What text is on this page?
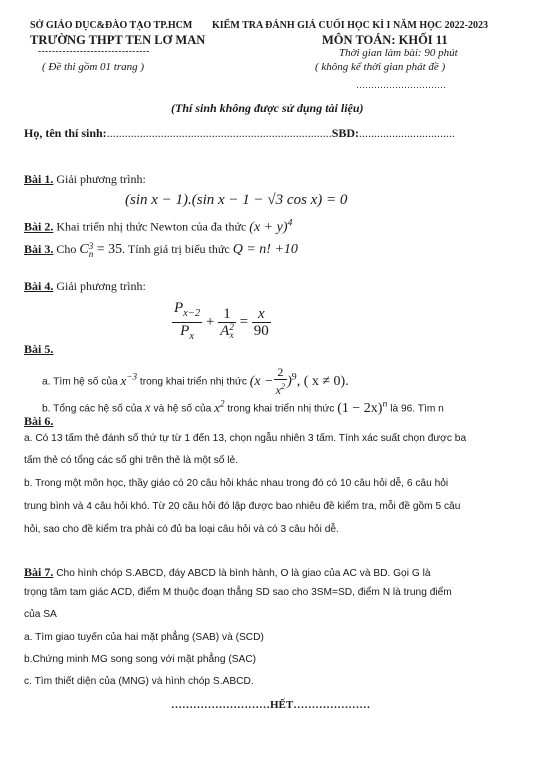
SỞ GIÁO DỤC&ĐÀO TẠO TP.HCM
TRƯỜNG THPT TEN LƠ MAN
--------------------------------
( Đề thi gồm 01 trang )
KIỂM TRA ĐÁNH GIÁ CUỐI HỌC KÌ I NĂM HỌC 2022-2023
MÔN TOÁN: KHỐI 11
Thời gian làm bài: 90 phút
( không kể thời gian phát đề )
…………………………
(Thí sinh không được sử dụng tài liệu)
Họ, tên thí sinh:...........................................................................SBD:................................
Bài 1. Giải phương trình:
(sin x − 1).(sin x − 1 − √3 cos x) = 0
Bài 2. Khai triển nhị thức Newton của đa thức $(x + y)^4$
Bài 3. Cho C 3
n = 35. Tính giá trị biểu thức Q = n! +10
Bài 4. Giải phương trình:
$\frac{P_{x-2}}{P_x} + 1$
A 2
$x = \frac{x}{90}$
Bài 5.
a. Tìm hệ số của $x^{-3}$ trong khai triển nhị thức $(x - \frac{2}{x^2} )^9$, ( x ≠ 0).
b. Tổng các hệ số của x và hệ số của $x^2$ trong khai triển nhị thức $(1 - 2x)^n$ là 96. Tìm n
Bài 6.
a. Có 13 tấm thẻ đánh số thứ tự từ 1 đến 13, chọn ngẫu nhiên 3 tấm. Tính xác suất chọn được ba
tấm thẻ có tổng các số ghi trên thẻ là một số lẻ.
b. Trong một môn học, thầy giáo có 20 câu hỏi khác nhau trong đó có 10 câu hỏi dễ, 6 câu hỏi
trung bình và 4 câu hỏi khó. Từ 20 câu hỏi đó lập được bao nhiêu đề kiểm tra, mỗi đề gồm 5 câu
hỏi, sao cho đề kiểm tra phải có đủ ba loại câu hỏi và có 3 câu hỏi dễ.
Bài 7. Cho hình chóp S.ABCD, đáy ABCD là bình hành, O là giao của AC và BD. Gọi G là
trọng tâm tam giác ACD, điểm M thuộc đoạn thẳng SD sao cho 3SM=SD, điểm N là trung điểm
của SA
a. Tìm giao tuyến của hai mặt phẳng (SAB) và (SCD)
b.Chứng minh MG song song với mặt phẳng (SAC)
c. Tìm thiết diện của (MNG) và hình chóp S.ABCD.
………………………HẾT…………………
